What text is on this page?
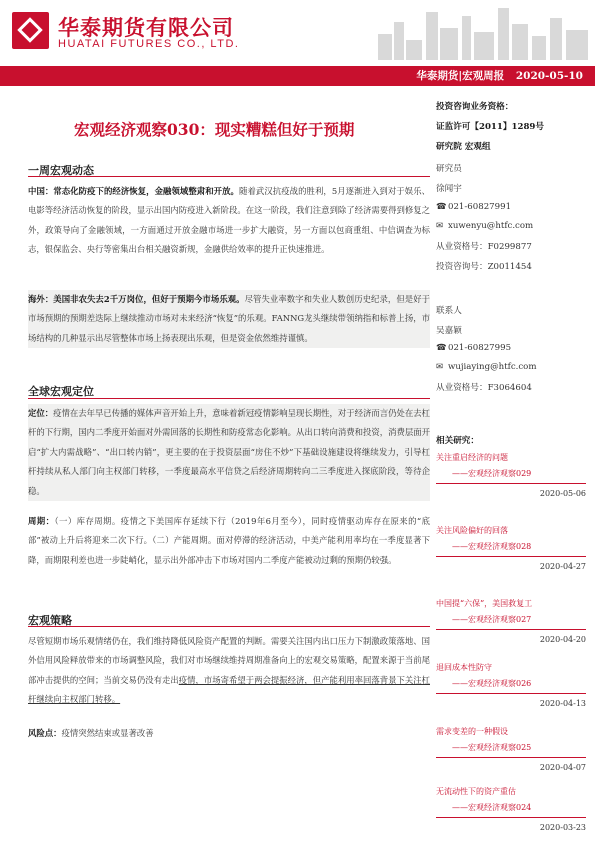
华泰期货有限公司
HUATAI FUTURES CO., LTD.
华泰期货|宏观周报 2020-05-10
宏观经济观察030：现实糟糕但好于预期
一周宏观动态
中国：常态化防疫下的经济恢复，金融领域整肃和开放。随着武汉抗疫战的胜利，5月逐渐进入到对于娱乐、电影等经济活动恢复的阶段，显示出国内防疫进入新阶段。在这一阶段，我们注意到除了经济需要得到修复之外，政策导向了金融领域，一方面通过开放金融市场进一步扩大融资，另一方面以包商重组、中信调查为标志，银保监会、央行等密集出台相关融资新规，金融供给效率的提升正快速推进。
海外：美国非农失去2千万岗位，但好于预期今市场乐观。尽管失业率数字和失业人数创历史纪录，但是好于市场预期的预期差迭际上继续推动市场对未来经济“恢复”的乐观。FANNG龙头继续带领纳指和标普上扬，市场结构的几种显示出尽管整体市场上扬表现出乐观，但是资金依然维持谨慎。
全球宏观定位
定位：疫情在去年早已传播的媒体声音开始上升，意味着新冠疫情影响呈现长期性，对于经济而言仍处在去杠杆的下行期，国内二季度开始面对外需回落的长期性和防疫常态化影响。从出口转向消费和投资，消费层面开启“扩大内需战略”、“出口转内销”，更主要的在于投资层面“房住不炒”下基础设施建设将继续发力，引导杠杆持续从私人部门向主权部门转移，一季度最高水平信贷之后经济周期转向二三季度进入探底阶段，等待企稳。
周期：（一）库存周期。疫情之下美国库存延续下行（2019年6月至今），同时疫情驱动库存在原来的“底部”被动上升后将迎来二次下行。（二）产能周期。面对停滞的经济活动，中美产能利用率均在一季度显著下降，而期限利差也进一步陡峭化，显示出外部冲击下市场对国内二季度产能被动过剩的预期仍较强。
宏观策略
尽管短期市场乐观情绪仍在，我们维持降低风险资产配置的判断。需要关注国内出口压力下制激政策落地、国外信用风险释放带来的市场调整风险，我们对市场继续维持周期准备向上的宏观交易策略，配置来源于当前尾部冲击提供的空间；当前交易仍没有走出疫情，市场寄希望于两会提振经济，但产能利用率回落背景下关注杠杆继续向主权部门转移。
风险点：疫情突然结束或显著改善
投资咨询业务资格：
证监许可【2011】1289号
研究院 宏观组
研究员
徐闻宇
☎021-60827991
✉ xuwenyu@htfc.com
从业资格号：F0299877
投资咨询号：Z0011454
联系人
吴嘉颖
☎021-60827995
✉ wujiaying@htfc.com
从业资格号：F3064604
相关研究：
关注重启经济的问题
——宏观经济观察029
2020-05-06
关注风险偏好的回落
——宏观经济观察028
2020-04-27
中国提“六保”，美国救复工
——宏观经济观察027
2020-04-20
退回成本性防守
——宏观经济观察026
2020-04-13
需求变差的一种假设
——宏观经济观察025
2020-04-07
无流动性下的资产重估
——宏观经济观察024
2020-03-23
